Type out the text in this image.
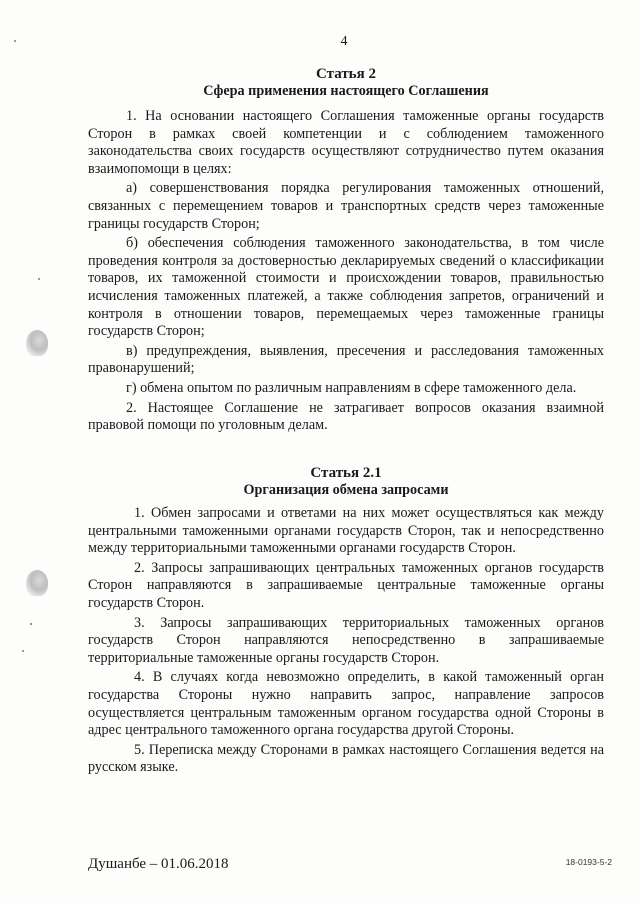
4

Статья 2

Сфера применения настоящего Соглашения

1. На основании настоящего Соглашения таможенные органы государств Сторон в рамках своей компетенции и с соблюдением таможенного законодательства своих государств осуществляют сотрудничество путем оказания взаимопомощи в целях:

а) совершенствования порядка регулирования таможенных отношений, связанных с перемещением товаров и транспортных средств через таможенные границы государств Сторон;

б) обеспечения соблюдения таможенного законодательства, в том числе проведения контроля за достоверностью декларируемых сведений о классификации товаров, их таможенной стоимости и происхождении товаров, правильностью исчисления таможенных платежей, а также соблюдения запретов, ограничений и контроля в отношении товаров, перемещаемых через таможенные границы государств Сторон;

в) предупреждения, выявления, пресечения и расследования таможенных правонарушений;

г) обмена опытом по различным направлениям в сфере таможенного дела.

2. Настоящее Соглашение не затрагивает вопросов оказания взаимной правовой помощи по уголовным делам.

Статья 2.1

Организация обмена запросами

1. Обмен запросами и ответами на них может осуществляться как между центральными таможенными органами государств Сторон, так и непосредственно между территориальными таможенными органами государств Сторон.

2. Запросы запрашивающих центральных таможенных органов государств Сторон направляются в запрашиваемые центральные таможенные органы государств Сторон.

3. Запросы запрашивающих территориальных таможенных органов государств Сторон направляются непосредственно в запрашиваемые территориальные таможенные органы государств Сторон.

4. В случаях когда невозможно определить, в какой таможенный орган государства Стороны нужно направить запрос, направление запросов осуществляется центральным таможенным органом государства одной Стороны в адрес центрального таможенного органа государства другой Стороны.

5. Переписка между Сторонами в рамках настоящего Соглашения ведется на русском языке.

Душанбе – 01.06.2018	18-0193-5-2
